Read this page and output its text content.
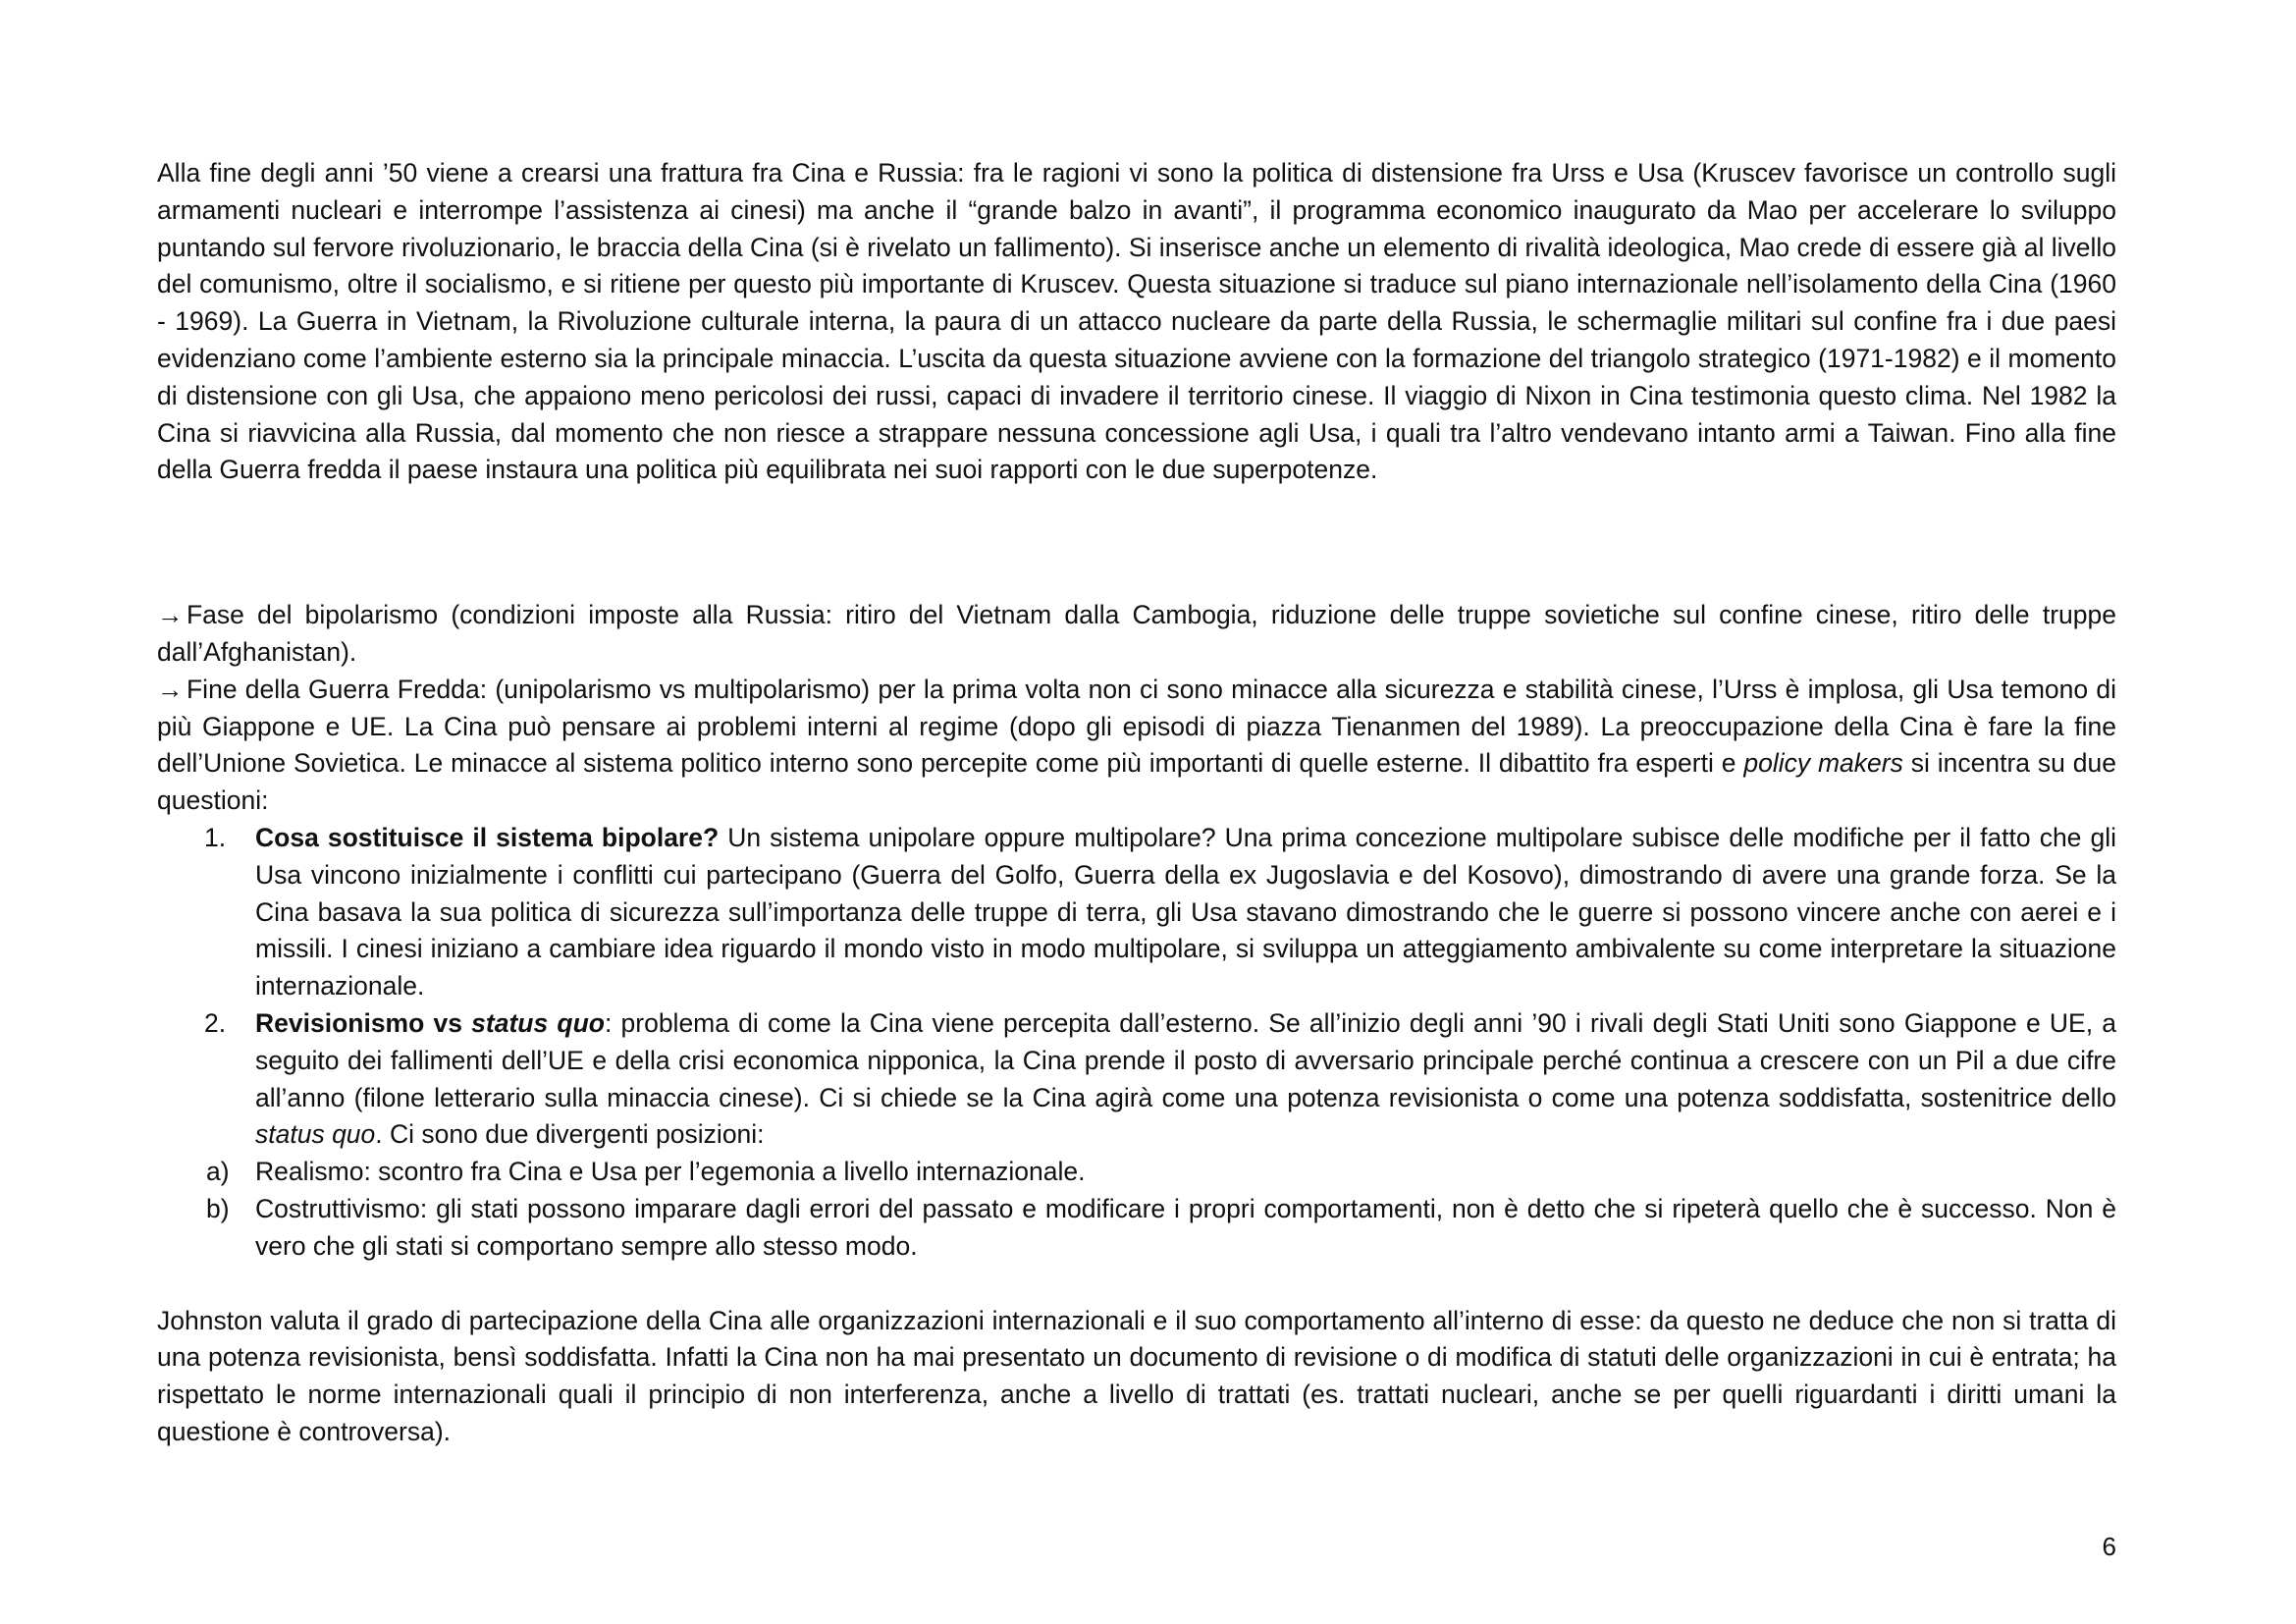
Alla fine degli anni ’50 viene a crearsi una frattura fra Cina e Russia: fra le ragioni vi sono la politica di distensione fra Urss e Usa (Kruscev favorisce un controllo sugli armamenti nucleari e interrompe l’assistenza ai cinesi) ma anche il “grande balzo in avanti”, il programma economico inaugurato da Mao per accelerare lo sviluppo puntando sul fervore rivoluzionario, le braccia della Cina (si è rivelato un fallimento). Si inserisce anche un elemento di rivalità ideologica, Mao crede di essere già al livello del comunismo, oltre il socialismo, e si ritiene per questo più importante di Kruscev. Questa situazione si traduce sul piano internazionale nell’isolamento della Cina (1960 - 1969). La Guerra in Vietnam, la Rivoluzione culturale interna, la paura di un attacco nucleare da parte della Russia, le schermaglie militari sul confine fra i due paesi evidenziano come l’ambiente esterno sia la principale minaccia. L’uscita da questa situazione avviene con la formazione del triangolo strategico (1971-1982) e il momento di distensione con gli Usa, che appaiono meno pericolosi dei russi, capaci di invadere il territorio cinese. Il viaggio di Nixon in Cina testimonia questo clima. Nel 1982 la Cina si riavvicina alla Russia, dal momento che non riesce a strappare nessuna concessione agli Usa, i quali tra l’altro vendevano intanto armi a Taiwan. Fino alla fine della Guerra fredda il paese instaura una politica più equilibrata nei suoi rapporti con le due superpotenze.

→ Fase del bipolarismo (condizioni imposte alla Russia: ritiro del Vietnam dalla Cambogia, riduzione delle truppe sovietiche sul confine cinese, ritiro delle truppe dall’Afghanistan).

→ Fine della Guerra Fredda: (unipolarismo vs multipolarismo) per la prima volta non ci sono minacce alla sicurezza e stabilità cinese, l’Urss è implosa, gli Usa temono di più Giappone e UE. La Cina può pensare ai problemi interni al regime (dopo gli episodi di piazza Tienanmen del 1989). La preoccupazione della Cina è fare la fine dell’Unione Sovietica. Le minacce al sistema politico interno sono percepite come più importanti di quelle esterne. Il dibattito fra esperti e policy makers si incentra su due questioni:

1. Cosa sostituisce il sistema bipolare? Un sistema unipolare oppure multipolare? Una prima concezione multipolare subisce delle modifiche per il fatto che gli Usa vincono inizialmente i conflitti cui partecipano (Guerra del Golfo, Guerra della ex Jugoslavia e del Kosovo), dimostrando di avere una grande forza. Se la Cina basava la sua politica di sicurezza sull’importanza delle truppe di terra, gli Usa stavano dimostrando che le guerre si possono vincere anche con aerei e i missili. I cinesi iniziano a cambiare idea riguardo il mondo visto in modo multipolare, si sviluppa un atteggiamento ambivalente su come interpretare la situazione internazionale.
2. Revisionismo vs status quo: problema di come la Cina viene percepita dall’esterno. Se all’inizio degli anni ’90 i rivali degli Stati Uniti sono Giappone e UE, a seguito dei fallimenti dell’UE e della crisi economica nipponica, la Cina prende il posto di avversario principale perché continua a crescere con un Pil a due cifre all’anno (filone letterario sulla minaccia cinese). Ci si chiede se la Cina agirà come una potenza revisionista o come una potenza soddisfatta, sostenitrice dello status quo. Ci sono due divergenti posizioni:
a) Realismo: scontro fra Cina e Usa per l’egemonia a livello internazionale.
b) Costruttivismo: gli stati possono imparare dagli errori del passato e modificare i propri comportamenti, non è detto che si ripeterà quello che è successo. Non è vero che gli stati si comportano sempre allo stesso modo.

Johnston valuta il grado di partecipazione della Cina alle organizzazioni internazionali e il suo comportamento all’interno di esse: da questo ne deduce che non si tratta di una potenza revisionista, bensì soddisfatta. Infatti la Cina non ha mai presentato un documento di revisione o di modifica di statuti delle organizzazioni in cui è entrata; ha rispettato le norme internazionali quali il principio di non interferenza, anche a livello di trattati (es. trattati nucleari, anche se per quelli riguardanti i diritti umani la questione è controversa).

6
